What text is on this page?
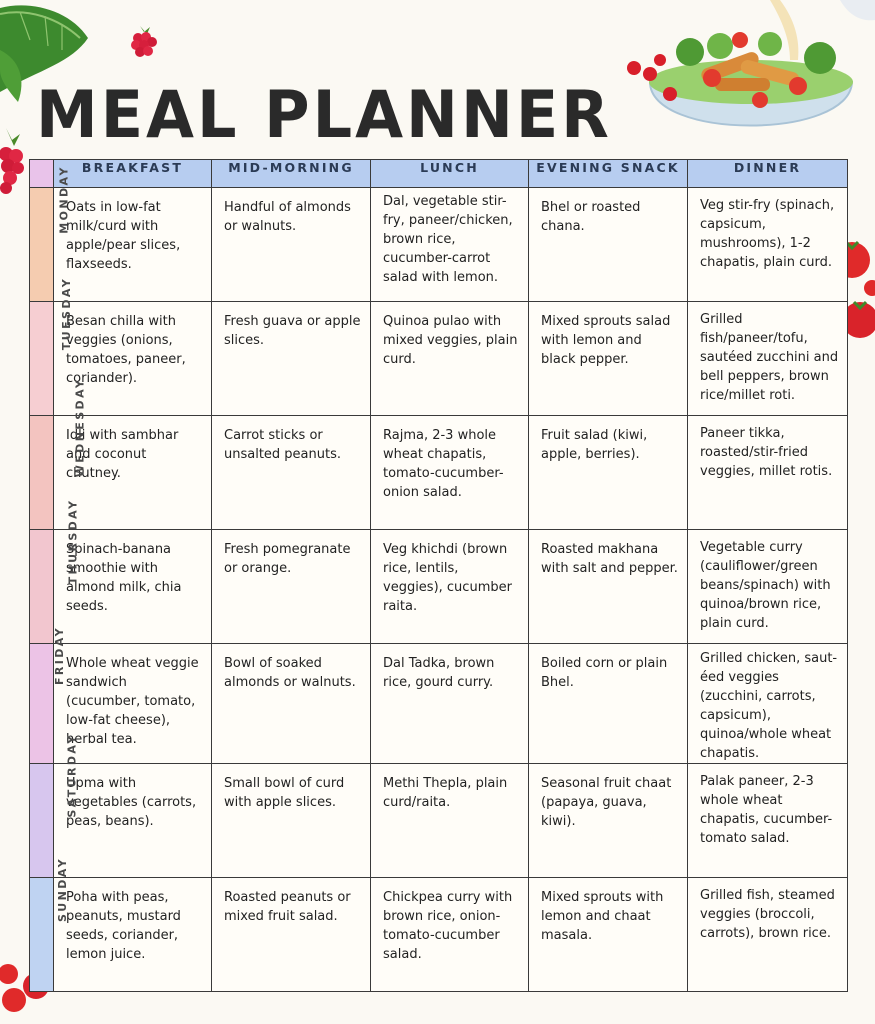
MEAL PLANNER
	BREAKFAST	MID-MORNING	LUNCH	EVENING SNACK	DINNER
MONDAY	Oats in low-fat milk/curd with apple/pear slices, flaxseeds.	Handful of almonds or walnuts.	Dal, vegetable stir-fry, paneer/chicken, brown rice, cucumber-carrot salad with lemon.	Bhel or roasted chana.	Veg stir-fry (spinach, capsicum, mushrooms), 1-2 chapatis, plain curd.
TUESDAY	Besan chilla with veggies (onions, tomatoes, paneer, coriander).	Fresh guava or apple slices.	Quinoa pulao with mixed veggies, plain curd.	Mixed sprouts salad with lemon and black pepper.	Grilled fish/paneer/tofu, sautéed zucchini and bell peppers, brown rice/millet roti.
WEDNESDAY	Idli with sambhar and coconut chutney.	Carrot sticks or unsalted peanuts.	Rajma, 2-3 whole wheat chapatis, tomato-cucumber-onion salad.	Fruit salad (kiwi, apple, berries).	Paneer tikka, roasted/stir-fried veggies, millet rotis.
THURSDAY	Spinach-banana smoothie with almond milk, chia seeds.	Fresh pomegranate or orange.	Veg khichdi (brown rice, lentils, veggies), cucumber raita.	Roasted makhana with salt and pepper.	Vegetable curry (cauliflower/green beans/spinach) with quinoa/brown rice, plain curd.
FRIDAY	Whole wheat veggie sandwich (cucumber, tomato, low-fat cheese), herbal tea.	Bowl of soaked almonds or walnuts.	Dal Tadka, brown rice, gourd curry.	Boiled corn or plain Bhel.	Grilled chicken, saut-éed veggies (zucchini, carrots, capsicum), quinoa/whole wheat chapatis.
SATURDAY	Upma with vegetables (carrots, peas, beans).	Small bowl of curd with apple slices.	Methi Thepla, plain curd/raita.	Seasonal fruit chaat (papaya, guava, kiwi).	Palak paneer, 2-3 whole wheat chapatis, cucumber-tomato salad.
SUNDAY	Poha with peas, peanuts, mustard seeds, coriander, lemon juice.	Roasted peanuts or mixed fruit salad.	Chickpea curry with brown rice, onion-tomato-cucumber salad.	Mixed sprouts with lemon and chaat masala.	Grilled fish, steamed veggies (broccoli, carrots), brown rice.
